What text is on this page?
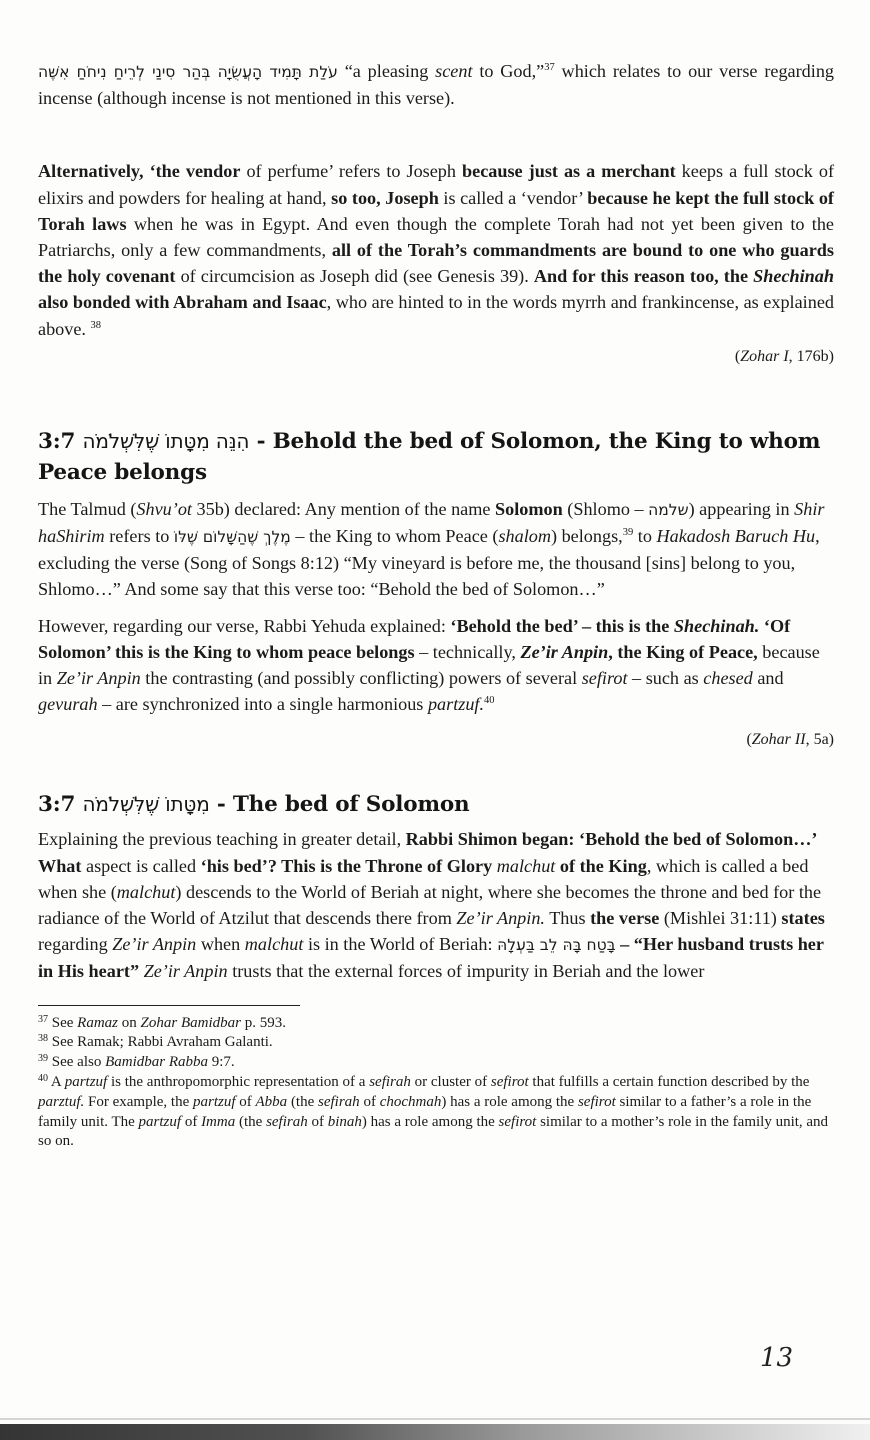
עֹלַת תָּמִיד הָעֲשֻׂיָה בְּהַר סִינַי לְרֵיחַ נִיחֹחַ אִשֶּׁה “a pleasing scent to God,”$^{37}$ which relates to our verse regarding incense (although incense is not mentioned in this verse).

Alternatively, ‘the vendor of perfume’ refers to Joseph because just as a merchant keeps a full stock of elixirs and powders for healing at hand, so too, Joseph is called a ‘vendor’ because he kept the full stock of Torah laws when he was in Egypt. And even though the complete Torah had not yet been given to the Patriarchs, only a few commandments, all of the Torah’s commandments are bound to one who guards the holy covenant of circumcision as Joseph did (see Genesis 39). And for this reason too, the Shechinah also bonded with Abraham and Isaac, who are hinted to in the words myrrh and frankincense, as explained above. $^{38}$

(Zohar I, 176b)

3:7 הִנֵּה מִטָּתוֹ שֶׁלִּשְׁלֹמֹה - Behold the bed of Solomon, the King to whom Peace belongs

The Talmud (Shvu’ot 35b) declared: Any mention of the name Solomon (Shlomo – שלמה) appearing in Shir haShirim refers to מֶלֶךְ שֶׁהַשָּׁלוֹם שֶׁלּוֹ – the King to whom Peace (shalom) belongs,$^{39}$ to Hakadosh Baruch Hu, excluding the verse (Song of Songs 8:12) “My vineyard is before me, the thousand [sins] belong to you, Shlomo…” And some say that this verse too: “Behold the bed of Solomon…”

However, regarding our verse, Rabbi Yehuda explained: ‘Behold the bed’ – this is the Shechinah. ‘Of Solomon’ this is the King to whom peace belongs – technically, Ze’ir Anpin, the King of Peace, because in Ze’ir Anpin the contrasting (and possibly conflicting) powers of several sefirot – such as chesed and gevurah – are synchronized into a single harmonious partzuf.$^{40}$

(Zohar II, 5a)

3:7 מִטָּתוֹ שֶׁלִּשְׁלֹמֹה - The bed of Solomon

Explaining the previous teaching in greater detail, Rabbi Shimon began: ‘Behold the bed of Solomon…’ What aspect is called ‘his bed’? This is the Throne of Glory malchut of the King, which is called a bed when she (malchut) descends to the World of Beriah at night, where she becomes the throne and bed for the radiance of the World of Atzilut that descends there from Ze’ir Anpin. Thus the verse (Mishlei 31:11) states regarding Ze’ir Anpin when malchut is in the World of Beriah: בָּטַח בָּהּ לֵב בַּעְלָהּ – “Her husband trusts her in His heart” Ze’ir Anpin trusts that the external forces of impurity in Beriah and the lower

$^{37}$ See Ramaz on Zohar Bamidbar p. 593.

$^{38}$ See Ramak; Rabbi Avraham Galanti.

$^{39}$ See also Bamidbar Rabba 9:7.

$^{40}$ A partzuf is the anthropomorphic representation of a sefirah or cluster of sefirot that fulfills a certain function described by the parztuf. For example, the partzuf of Abba (the sefirah of chochmah) has a role among the sefirot similar to a father’s a role in the family unit. The partzuf of Imma (the sefirah of binah) has a role among the sefirot similar to a mother’s role in the family unit, and so on.

13
